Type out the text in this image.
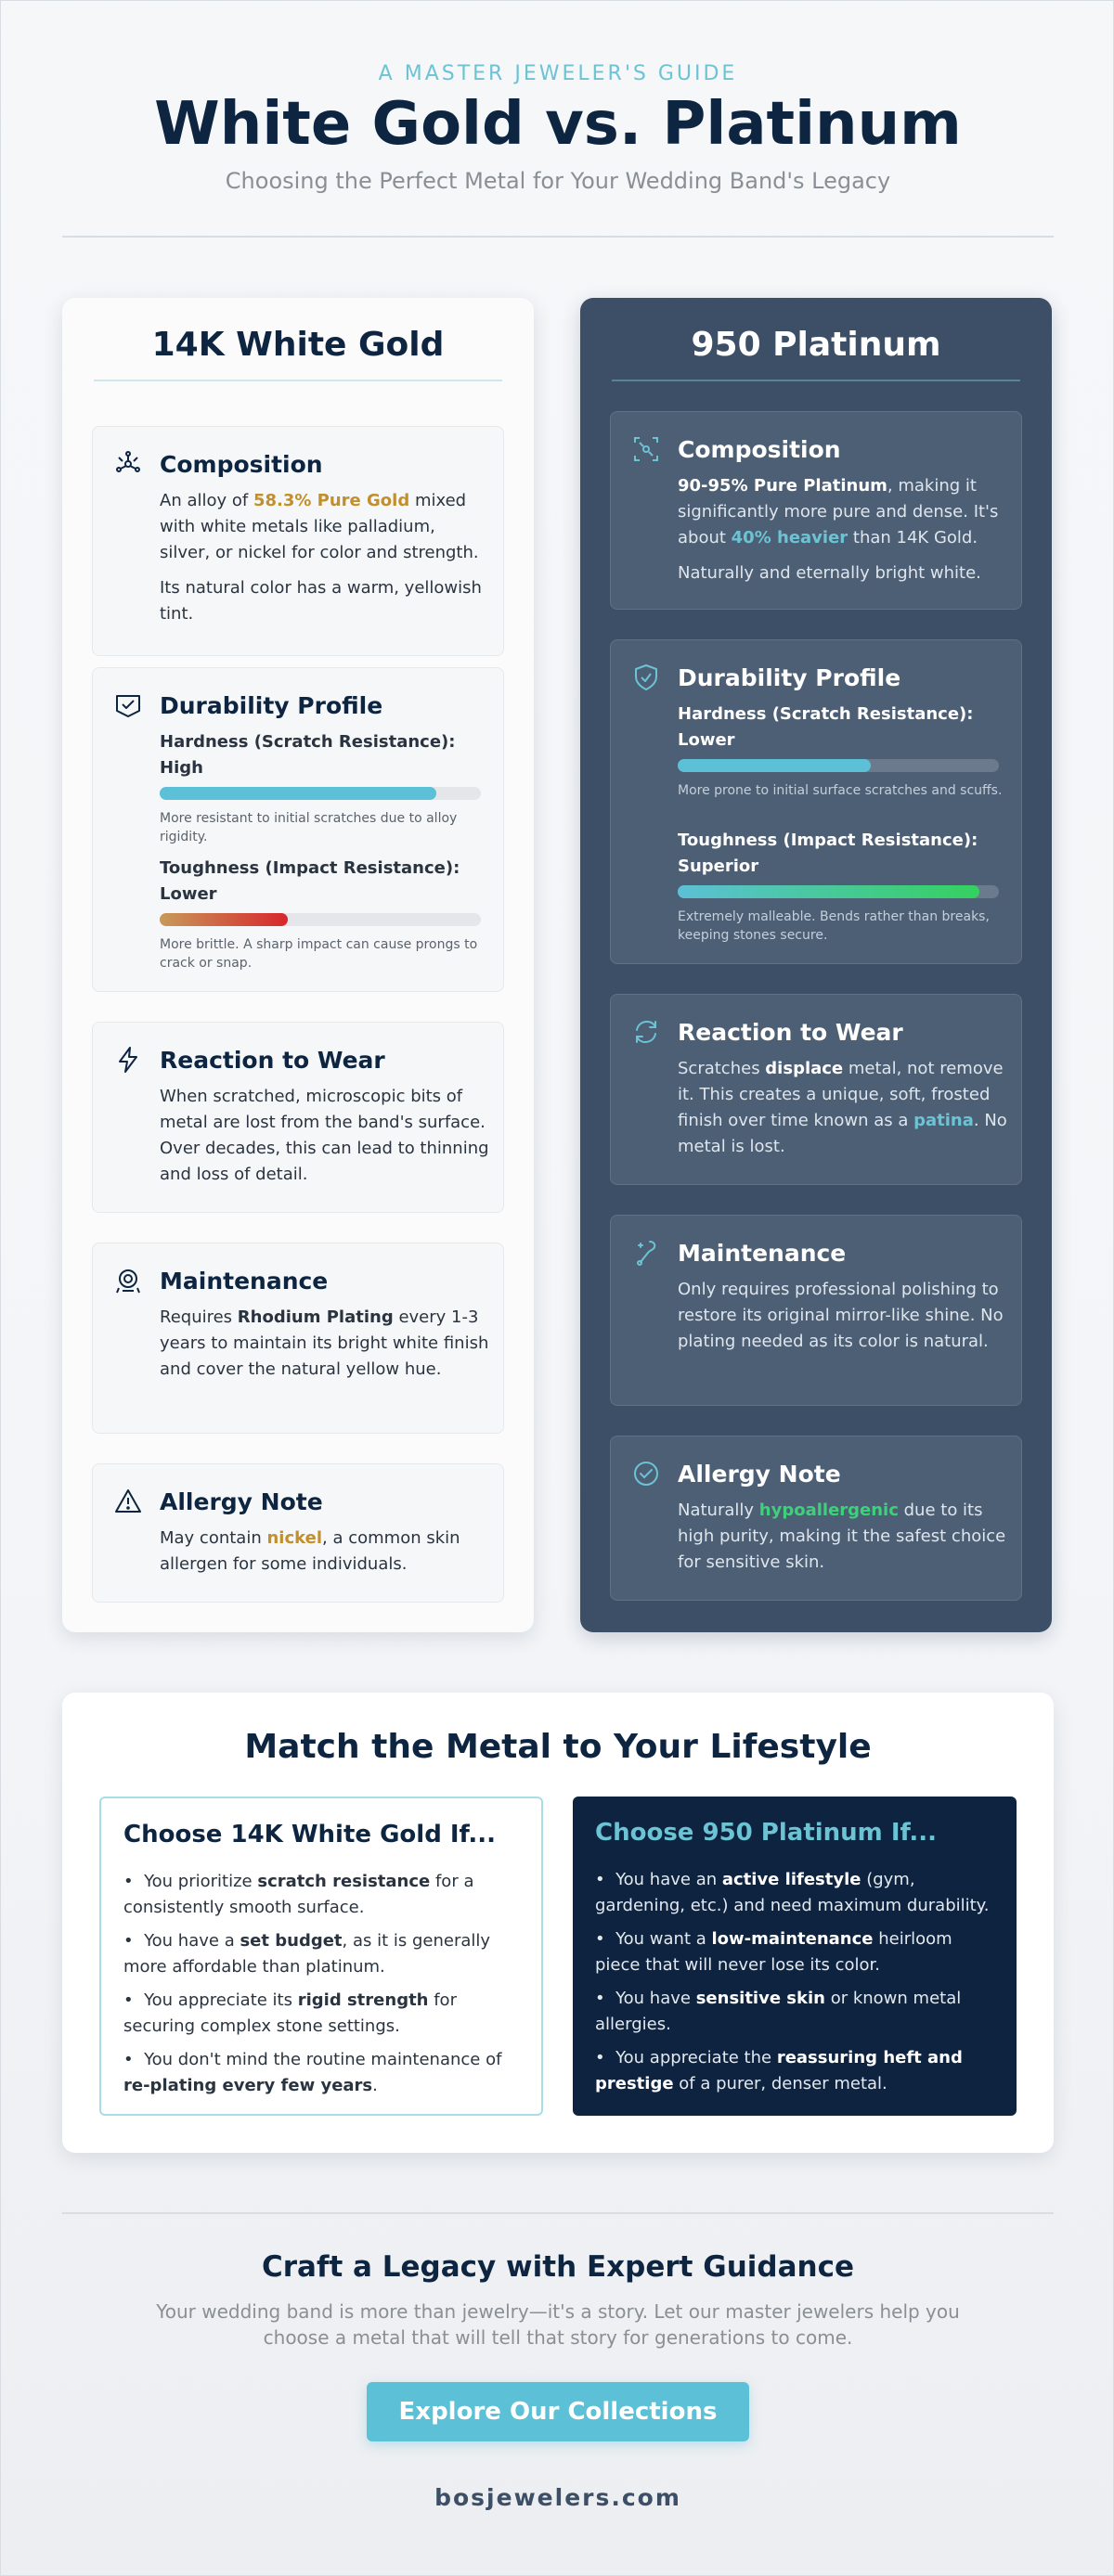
A MASTER JEWELER'S GUIDE
White Gold vs. Platinum
Choosing the Perfect Metal for Your Wedding Band's Legacy
14K White Gold
Composition
An alloy of 58.3% Pure Gold mixed with white metals like palladium, silver, or nickel for color and strength.
Its natural color has a warm, yellowish tint.
Durability Profile
Hardness (Scratch Resistance): High
More resistant to initial scratches due to alloy rigidity.
Toughness (Impact Resistance): Lower
More brittle. A sharp impact can cause prongs to crack or snap.
Reaction to Wear
When scratched, microscopic bits of metal are lost from the band's surface. Over decades, this can lead to thinning and loss of detail.
Maintenance
Requires Rhodium Plating every 1-3 years to maintain its bright white finish and cover the natural yellow hue.
Allergy Note
May contain nickel, a common skin allergen for some individuals.
950 Platinum
Composition
90-95% Pure Platinum, making it significantly more pure and dense. It's about 40% heavier than 14K Gold.
Naturally and eternally bright white.
Durability Profile
Hardness (Scratch Resistance): Lower
More prone to initial surface scratches and scuffs.
Toughness (Impact Resistance): Superior
Extremely malleable. Bends rather than breaks, keeping stones secure.
Reaction to Wear
Scratches displace metal, not remove it. This creates a unique, soft, frosted finish over time known as a patina. No metal is lost.
Maintenance
Only requires professional polishing to restore its original mirror-like shine. No plating needed as its color is natural.
Allergy Note
Naturally hypoallergenic due to its high purity, making it the safest choice for sensitive skin.
Match the Metal to Your Lifestyle
Choose 14K White Gold If...
•  You prioritize scratch resistance for a consistently smooth surface.
•  You have a set budget, as it is generally more affordable than platinum.
•  You appreciate its rigid strength for securing complex stone settings.
•  You don't mind the routine maintenance of re-plating every few years.
Choose 950 Platinum If...
•  You have an active lifestyle (gym, gardening, etc.) and need maximum durability.
•  You want a low-maintenance heirloom piece that will never lose its color.
•  You have sensitive skin or known metal allergies.
•  You appreciate the reassuring heft and prestige of a purer, denser metal.
Craft a Legacy with Expert Guidance
Your wedding band is more than jewelry—it's a story. Let our master jewelers help you choose a metal that will tell that story for generations to come.
Explore Our Collections
bosjewelers.com
